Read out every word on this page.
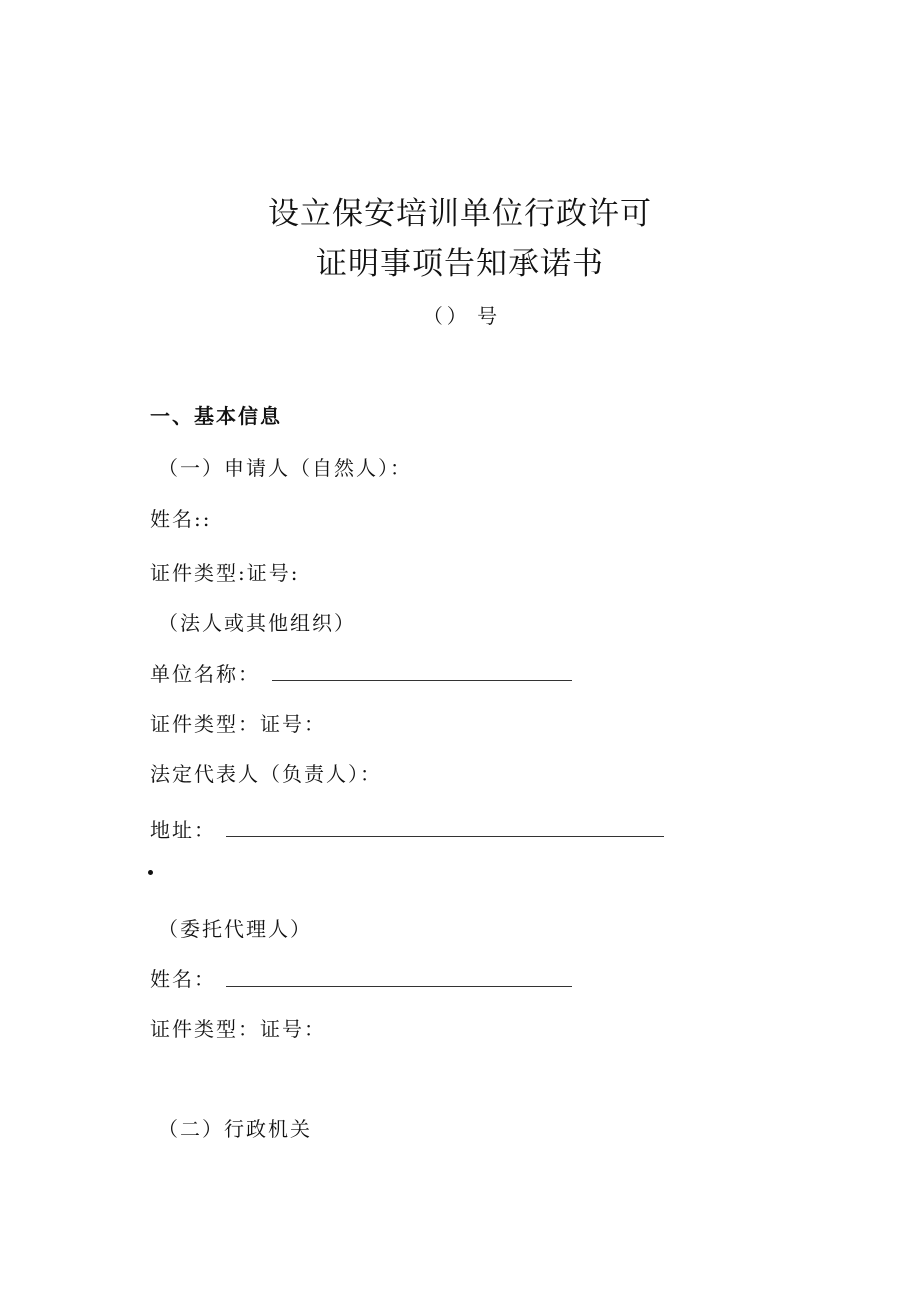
设立保安培训单位行政许可
证明事项告知承诺书
（） 号
一、基本信息
（一）申请人（自然人）：
姓名::
证件类型:证号:
（法人或其他组织）
单位名称：
证件类型：证号：
法定代表人（负责人）：
地址：
（委托代理人）
姓名：
证件类型：证号：
（二）行政机关
